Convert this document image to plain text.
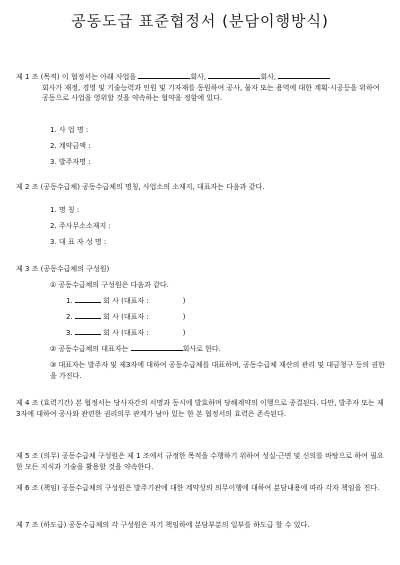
공동도급 표준협정서 (분담이행방식)
제 1 조 (목적) 이 협정서는 아래 사업을	회사,	회사,
회사가 재정, 경영 및 기술능력과 인원 및 기자재를 동원하여 공사, 물자 또는 용역에 대한 계획·시공등을 위하여 공동으로 사업을 영위할 것을 약속하는 협약을 정함에 있다.
1. 사 업 명 :
2. 계약금액 :
3. 발주자명 :
제 2 조 (공동수급체) 공동수급체의 명칭, 사업소의 소재지, 대표자는 다음과 같다.
1. 명 칭 :
2. 주사무소소재지 :
3. 대 표 자 성 명 :
제 3 조 (공동수급체의 구성원)
① 공동수급체의 구성원은 다음과 같다.
1.	회 사 (대표자 :	)
2.	회 사 (대표자 :	)
3.	회 사 (대표자 :	)
② 공동수급체의 대표자는	회사로 한다.
③ 대표자는 발주자 및 제3자에 대하여 공동수급체를 대표하며, 공동수급체 재산의 관리 및 대금청구 등의 권한을 가진다.
제 4 조 (효력기간) 본 협정서는 당사자간의 서명과 동시에 발효하며 당해계약의 이행으로 종결된다. 다만, 발주자 또는 제3자에 대하여 공사와 관련한 권리의무 관계가 남아 있는 한 본 협정서의 효력은 존속된다.
제 5 조 (의무) 공동수급체 구성원은 제 1 조에서 규정한 목적을 수행하기 위하여 성실·근면 및 신의를 바탕으로 하여 필요한 모든 지식과 기술을 활용할 것을 약속한다.
제 6 조 (책임) 공동수급체의 구성원은 발주기관에 대한 계약상의 의무이행에 대하여 분담내용에 따라 각자 책임을 진다.
제 7 조 (하도급) 공동수급체의 각 구성원은 자기 책임하에 분담부분의 일부를 하도급 할 수 있다.
